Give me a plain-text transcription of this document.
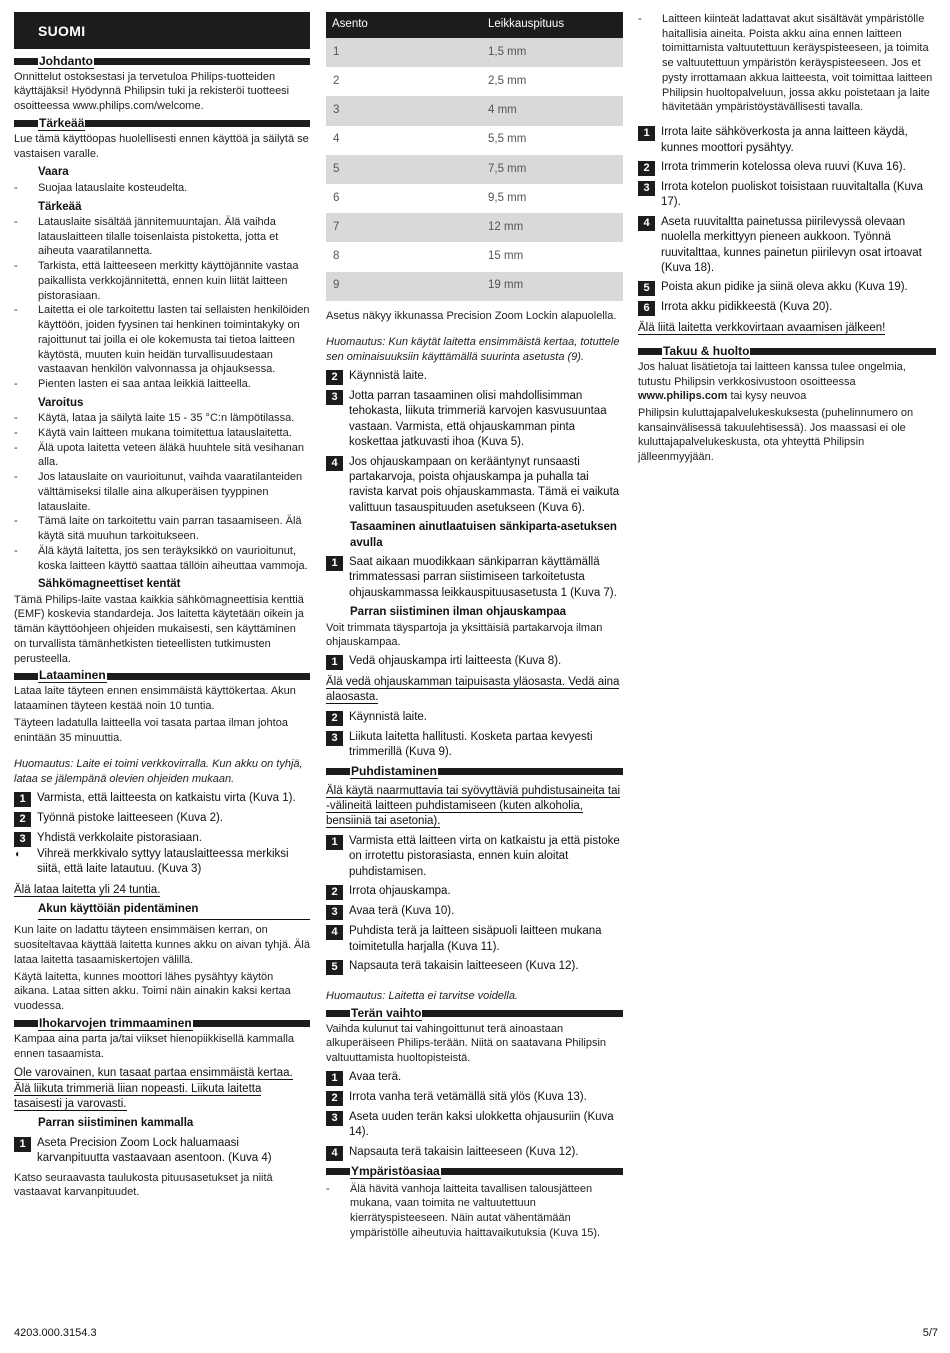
SUOMI
Johdanto

Onnittelut ostoksestasi ja tervetuloa Philips-tuotteiden käyttäjäksi! Hyödynnä Philipsin tuki ja rekisteröi tuotteesi osoitteessa www.philips.com/welcome.

Tärkeää

Lue tämä käyttöopas huolellisesti ennen käyttöä ja säilytä se vastaisen varalle.

Vaara
-	Suojaa latauslaite kosteudelta.
Tärkeää
-	Latauslaite sisältää jännitemuuntajan. Älä vaihda latauslaitteen tilalle toisenlaista pistoketta, jotta et aiheuta vaaratilannetta.
-	Tarkista, että laitteeseen merkitty käyttöjännite vastaa paikallista verkkojännitettä, ennen kuin liität laitteen pistorasiaan.
-	Laitetta ei ole tarkoitettu lasten tai sellaisten henkilöiden käyttöön, joiden fyysinen tai henkinen toimintakyky on rajoittunut tai joilla ei ole kokemusta tai tietoa laitteen käytöstä, muuten kuin heidän turvallisuudestaan vastaavan henkilön valvonnassa ja ohjauksessa.
-	Pienten lasten ei saa antaa leikkiä laitteella.
Varoitus
-	Käytä, lataa ja säilytä laite 15 - 35 °C:n lämpötilassa.
-	Käytä vain laitteen mukana toimitettua latauslaitetta.
-	Älä upota laitetta veteen äläkä huuhtele sitä vesihanan alla.
-	Jos latauslaite on vaurioitunut, vaihda vaaratilanteiden välttämiseksi tilalle aina alkuperäisen tyyppinen latauslaite.
-	Tämä laite on tarkoitettu vain parran tasaamiseen. Älä käytä sitä muuhun tarkoitukseen.
-	Älä käytä laitetta, jos sen teräyksikkö on vaurioitunut, koska laitteen käyttö saattaa tällöin aiheuttaa vammoja.
Sähkömagneettiset kentät

Tämä Philips-laite vastaa kaikkia sähkömagneettisia kenttiä (EMF) koskevia standardeja. Jos laitetta käytetään oikein ja tämän käyttöohjeen ohjeiden mukaisesti, sen käyttäminen on turvallista tämänhetkisten tieteellisten tutkimusten perusteella.

Lataaminen

Lataa laite täyteen ennen ensimmäistä käyttökertaa. Akun lataaminen täyteen kestää noin 10 tuntia.

Täyteen ladatulla laitteella voi tasata partaa ilman johtoa enintään 35 minuuttia.

Huomautus: Laite ei toimi verkkovirralla. Kun akku on tyhjä, lataa se jälempänä olevien ohjeiden mukaan.

1 Varmista, että laitteesta on katkaistu virta (Kuva 1).
2 Työnnä pistoke laitteeseen (Kuva 2).
3 Yhdistä verkkolaite pistorasiaan.
◖	Vihreä merkkivalo syttyy latauslaitteessa merkiksi siitä, että laite latautuu. (Kuva 3)
Älä lataa laitetta yli 24 tuntia.
Akun käyttöiän pidentäminen

Kun laite on ladattu täyteen ensimmäisen kerran, on suositeltavaa käyttää laitetta kunnes akku on aivan tyhjä. Älä lataa laitetta tasaamiskertojen välillä.

Käytä laitetta, kunnes moottori lähes pysähtyy käytön aikana. Lataa sitten akku. Toimi näin ainakin kaksi kertaa vuodessa.

Ihokarvojen trimmaaminen

Kampaa aina parta ja/tai viikset hienopiikkisellä kammalla ennen tasaamista.

Ole varovainen, kun tasaat partaa ensimmäistä kertaa. Älä liikuta trimmeriä liian nopeasti. Liikuta laitetta tasaisesti ja varovasti.
Parran siistiminen kammalla
1 Aseta Precision Zoom Lock haluamaasi karvanpituutta vastaavaan asentoon. (Kuva 4)

Katso seuraavasta taulukosta pituusasetukset ja niitä vastaavat karvanpituudet.

Asento	Leikkauspituus
1	1,5 mm
2	2,5 mm
3	4 mm
4	5,5 mm
5	7,5 mm
6	9,5 mm
7	12 mm
8	15 mm
9	19 mm

Asetus näkyy ikkunassa Precision Zoom Lockin alapuolella.

Huomautus: Kun käytät laitetta ensimmäistä kertaa, totuttele sen ominaisuuksiin käyttämällä suurinta asetusta (9).

2 Käynnistä laite.
3 Jotta parran tasaaminen olisi mahdollisimman tehokasta, liikuta trimmeriä karvojen kasvusuuntaa vastaan. Varmista, että ohjauskamman pinta koskettaa jatkuvasti ihoa (Kuva 5).
4 Jos ohjauskampaan on kerääntynyt runsaasti partakarvoja, poista ohjauskampa ja puhalla tai ravista karvat pois ohjauskammasta. Tämä ei vaikuta valittuun tasauspituuden asetukseen (Kuva 6).
Tasaaminen ainutlaatuisen sänkiparta-asetuksen avulla
1 Saat aikaan muodikkaan sänkiparran käyttämällä trimmatessasi parran siistimiseen tarkoitetusta ohjauskammassa leikkauspituusasetusta 1 (Kuva 7).
Parran siistiminen ilman ohjauskampaa

Voit trimmata täyspartoja ja yksittäisiä partakarvoja ilman ohjauskampaa.

1 Vedä ohjauskampa irti laitteesta (Kuva 8).
Älä vedä ohjauskamman taipuisasta yläosasta. Vedä aina alaosasta.
2 Käynnistä laite.
3 Liikuta laitetta hallitusti. Kosketa partaa kevyesti trimmerillä (Kuva 9).
Puhdistaminen
Älä käytä naarmuttavia tai syövyttäviä puhdistusaineita tai -välineitä laitteen puhdistamiseen (kuten alkoholia, bensiiniä tai asetonia).
1 Varmista että laitteen virta on katkaistu ja että pistoke on irrotettu pistorasiasta, ennen kuin aloitat puhdistamisen.
2 Irrota ohjauskampa.
3 Avaa terä (Kuva 10).
4 Puhdista terä ja laitteen sisäpuoli laitteen mukana toimitetulla harjalla (Kuva 11).
5 Napsauta terä takaisin laitteeseen (Kuva 12).

Huomautus: Laitetta ei tarvitse voidella.

Terän vaihto

Vaihda kulunut tai vahingoittunut terä ainoastaan alkuperäiseen Philips-terään. Niitä on saatavana Philipsin valtuuttamista huoltopisteistä.

1 Avaa terä.
2 Irrota vanha terä vetämällä sitä ylös (Kuva 13).
3 Aseta uuden terän kaksi ulokketta ohjausuriin (Kuva 14).
4 Napsauta terä takaisin laitteeseen (Kuva 12).
Ympäristöasiaa
-	Älä hävitä vanhoja laitteita tavallisen talousjätteen mukana, vaan toimita ne valtuutettuun kierrätyspisteeseen. Näin autat vähentämään ympäristölle aiheutuvia haittavaikutuksia (Kuva 15).
-	Laitteen kiinteät ladattavat akut sisältävät ympäristölle haitallisia aineita. Poista akku aina ennen laitteen toimittamista valtuutettuun keräyspisteeseen, ja toimita se valtuutettuun ympäristön keräyspisteeseen. Jos et pysty irrottamaan akkua laitteesta, voit toimittaa laitteen Philipsin huoltopalveluun, jossa akku poistetaan ja laite hävitetään ympäristöystävällisesti tavalla.
1 Irrota laite sähköverkosta ja anna laitteen käydä, kunnes moottori pysähtyy.
2 Irrota trimmerin kotelossa oleva ruuvi (Kuva 16).
3 Irrota kotelon puoliskot toisistaan ruuvitaltalla (Kuva 17).
4 Aseta ruuvitaltta painetussa piirilevyssä olevaan nuolella merkittyyn pieneen aukkoon. Työnnä ruuvitalttaa, kunnes painetun piirilevyn osat irtoavat (Kuva 18).
5 Poista akun pidike ja siinä oleva akku (Kuva 19).
6 Irrota akku pidikkeestä (Kuva 20).
Älä liitä laitetta verkkovirtaan avaamisen jälkeen!
Takuu & huolto

Jos haluat lisätietoja tai laitteen kanssa tulee ongelmia, tutustu Philipsin verkkosivustoon osoitteessa www.philips.com tai kysy neuvoa

Philipsin kuluttajapalvelukeskuksesta (puhelinnumero on kansainvälisessä takuulehtisessä). Jos maassasi ei ole kuluttajapalvelukeskusta, ota yhteyttä Philipsin jälleenmyyjään.

4203.000.3154.3	5/7
